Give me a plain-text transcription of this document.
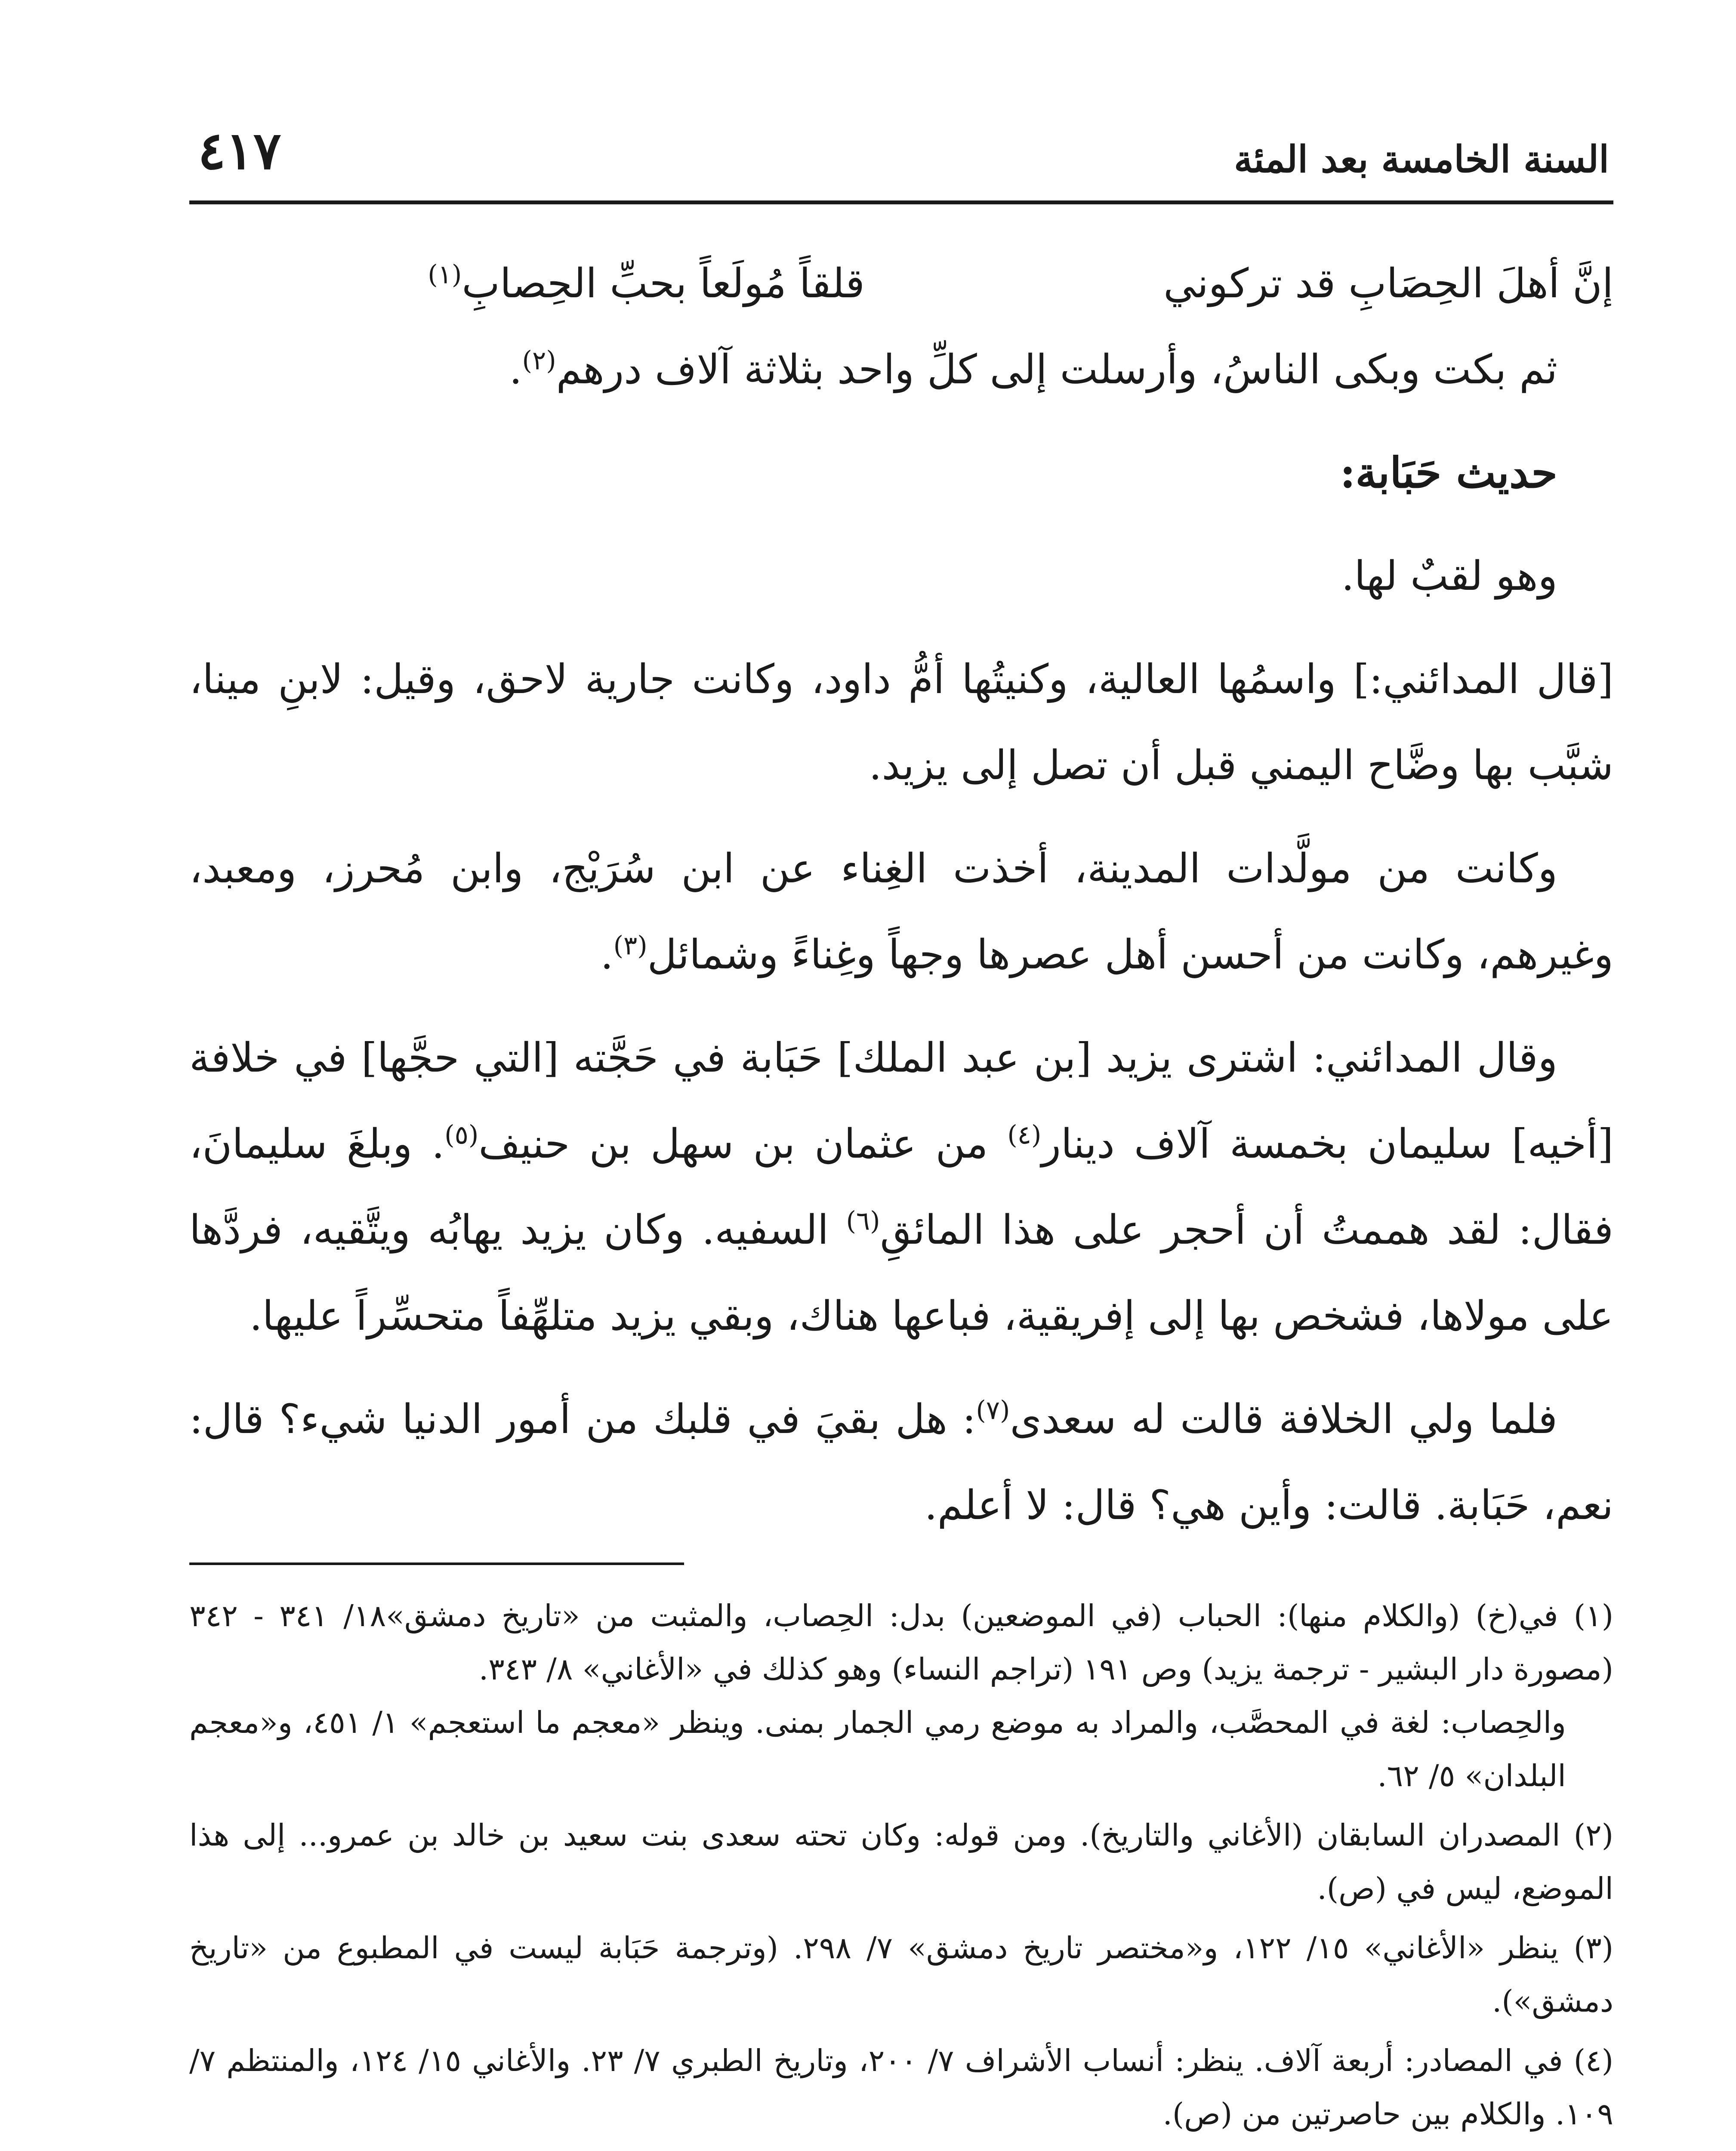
السنة الخامسة بعد المئة
٤١٧
إنَّ أهلَ الحِصَابِ قد تركوني
قلقاً مُولَعاً بحبِّ الحِصابِ$^{(١)}$

ثم بكت وبكى الناسُ، وأرسلت إلى كلِّ واحد بثلاثة آلاف درهم$^{(٢)}$.

حديث حَبَابة:

وهو لقبٌ لها.

[قال المدائني:] واسمُها العالية، وكنيتُها أمُّ داود، وكانت جارية لاحق، وقيل: لابنِ مينا، شبَّب بها وضَّاح اليمني قبل أن تصل إلى يزيد.

وكانت من مولَّدات المدينة، أخذت الغِناء عن ابن سُرَيْج، وابن مُحرز، ومعبد، وغيرهم، وكانت من أحسن أهل عصرها وجهاً وغِناءً وشمائل$^{(٣)}$.

وقال المدائني: اشترى يزيد [بن عبد الملك] حَبَابة في حَجَّته [التي حجَّها] في خلافة [أخيه] سليمان بخمسة آلاف دينار$^{(٤)}$ من عثمان بن سهل بن حنيف$^{(٥)}$. وبلغَ سليمانَ، فقال: لقد هممتُ أن أحجر على هذا المائقِ$^{(٦)}$ السفيه. وكان يزيد يهابُه ويتَّقيه، فردَّها على مولاها، فشخص بها إلى إفريقية، فباعها هناك، وبقي يزيد متلهِّفاً متحسِّراً عليها.

فلما ولي الخلافة قالت له سعدى$^{(٧)}$: هل بقيَ في قلبك من أمور الدنيا شيء؟ قال: نعم، حَبَابة. قالت: وأين هي؟ قال: لا أعلم.

(١) في(خ) (والكلام منها): الحباب (في الموضعين) بدل: الحِصاب، والمثبت من «تاريخ دمشق»١٨/ ٣٤١ - ٣٤٢ (مصورة دار البشير - ترجمة يزيد) وص ١٩١ (تراجم النساء) وهو كذلك في «الأغاني» ٨/ ٣٤٣.

والحِصاب: لغة في المحصَّب، والمراد به موضع رمي الجمار بمنى. وينظر «معجم ما استعجم» ١/ ٤٥١، و«معجم البلدان» ٥/ ٦٢.

(٢) المصدران السابقان (الأغاني والتاريخ). ومن قوله: وكان تحته سعدى بنت سعيد بن خالد بن عمرو... إلى هذا الموضع، ليس في (ص).

(٣) ينظر «الأغاني» ١٥/ ١٢٢، و«مختصر تاريخ دمشق» ٧/ ٢٩٨. (وترجمة حَبَابة ليست في المطبوع من «تاريخ دمشق»).

(٤) في المصادر: أربعة آلاف. ينظر: أنساب الأشراف ٧/ ٢٠٠، وتاريخ الطبري ٧/ ٢٣. والأغاني ١٥/ ١٢٤، والمنتظم ٧/ ١٠٩. والكلام بين حاصرتين من (ص).
